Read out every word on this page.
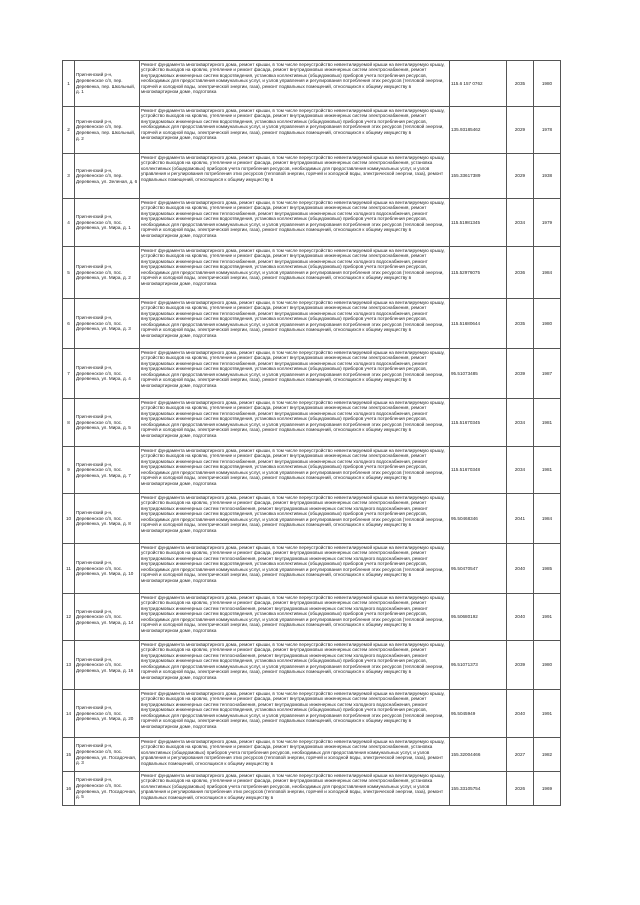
1	Пригненский р-н, Деревенское с/п, пер. Деревенка, пер. Школьный, д. 1	Ремонт фундамента многоквартирного дома, ремонт крыши, в том числе переустройство невентилируемой крыши на вентилируемую крышу, устройство выходов на кровлю, утепление и ремонт фасада, ремонт внутридомовых инженерных систем электроснабжения, ремонт внутридомовых инженерных систем водоотведения, установка коллективных (общедомовых) приборов учета потребления ресурсов, необходимых для предоставления коммунальных услуг, и узлов управления и регулирования потребления этих ресурсов (тепловой энергии, горячей и холодной воды, электрической энергии, газа), ремонт подвальных помещений, относящихся к общему имуществу в многоквартирном доме, подготовка	115.6 157 0762	2035	1980
2	Пригненский р-н, Деревенское с/п, пер. Деревенка, пер. Школьный, д. 2	Ремонт фундамента многоквартирного дома, ремонт крыши, в том числе переустройство невентилируемой крыши на вентилируемую крышу, устройство выходов на кровлю, утепление и ремонт фасада, ремонт внутридомовых инженерных систем электроснабжения, ремонт внутридомовых инженерных систем водоотведения, установка коллективных (общедомовых) приборов учета потребления ресурсов, необходимых для предоставления коммунальных услуг, и узлов управления и регулирования потребления этих ресурсов (тепловой энергии, горячей и холодной воды, электрической энергии, газа), ремонт подвальных помещений, относящихся к общему имуществу в многоквартирном доме, подготовка	135.93185462	2029	1978
3	Пригненский р-н, Деревенское с/п, пер. Деревенка, ул. Зеленая, д. 6	Ремонт фундамента многоквартирного дома, ремонт крыши, в том числе переустройство невентилируемой крыши на вентилируемую крышу, устройство выходов на кровлю, утепление и ремонт фасада, ремонт внутридомовых инженерных систем электроснабжения, установка коллективных (общедомовых) приборов учета потребления ресурсов, необходимых для предоставления коммунальных услуг, и узлов управления и регулирования потребления этих ресурсов (тепловой энергии, горячей и холодной воды, электрической энергии, газа), ремонт подвальных помещений, относящихся к общему имуществу в	155.33617389	2029	1938
4	Пригненский р-н, Деревенское с/п, пос. Деревенка, ул. Мира, д. 1	Ремонт фундамента многоквартирного дома, ремонт крыши, в том числе переустройство невентилируемой крыши на вентилируемую крышу, устройство выходов на кровлю, утепление и ремонт фасада, ремонт внутридомовых инженерных систем электроснабжения, ремонт внутридомовых инженерных систем теплоснабжения, ремонт внутридомовых инженерных систем холодного водоснабжения, ремонт внутридомовых инженерных систем водоотведения, установка коллективных (общедомовых) приборов учета потребления ресурсов, необходимых для предоставления коммунальных услуг, и узлов управления и регулирования потребления этих ресурсов (тепловой энергии, горячей и холодной воды, электрической энергии, газа), ремонт подвальных помещений, относящихся к общему имуществу в многоквартирном доме, подготовка	115.51981345	2034	1979
5	Пригненский р-н, Деревенское с/п, пос. Деревенка, ул. Мира, д. 2	Ремонт фундамента многоквартирного дома, ремонт крыши, в том числе переустройство невентилируемой крыши на вентилируемую крышу, устройство выходов на кровлю, утепление и ремонт фасада, ремонт внутридомовых инженерных систем электроснабжения, ремонт внутридомовых инженерных систем теплоснабжения, ремонт внутридомовых инженерных систем холодного водоснабжения, ремонт внутридомовых инженерных систем водоотведения, установка коллективных (общедомовых) приборов учета потребления ресурсов, необходимых для предоставления коммунальных услуг, и узлов управления и регулирования потребления этих ресурсов (тепловой энергии, горячей и холодной воды, электрической энергии, газа), ремонт подвальных помещений, относящихся к общему имуществу в многоквартирном доме, подготовка	115.52976075	2036	1984
6	Пригненский р-н, Деревенское с/п, пос. Деревенка, ул. Мира, д. 3	Ремонт фундамента многоквартирного дома, ремонт крыши, в том числе переустройство невентилируемой крыши на вентилируемую крышу, устройство выходов на кровлю, утепление и ремонт фасада, ремонт внутридомовых инженерных систем электроснабжения, ремонт внутридомовых инженерных систем теплоснабжения, ремонт внутридомовых инженерных систем холодного водоснабжения, ремонт внутридомовых инженерных систем водоотведения, установка коллективных (общедомовых) приборов учета потребления ресурсов, необходимых для предоставления коммунальных услуг, и узлов управления и регулирования потребления этих ресурсов (тепловой энергии, горячей и холодной воды, электрической энергии, газа), ремонт подвальных помещений, относящихся к общему имуществу в многоквартирном доме, подготовка	115.51680644	2035	1980
7	Пригненский р-н, Деревенское с/п, пос. Деревенка, ул. Мира, д. 4	Ремонт фундамента многоквартирного дома, ремонт крыши, в том числе переустройство невентилируемой крыши на вентилируемую крышу, устройство выходов на кровлю, утепление и ремонт фасада, ремонт внутридомовых инженерных систем электроснабжения, ремонт внутридомовых инженерных систем теплоснабжения, ремонт внутридомовых инженерных систем холодного водоснабжения, ремонт внутридомовых инженерных систем водоотведения, установка коллективных (общедомовых) приборов учета потребления ресурсов, необходимых для предоставления коммунальных услуг, и узлов управления и регулирования потребления этих ресурсов (тепловой энергии, горячей и холодной воды, электрической энергии, газа), ремонт подвальных помещений, относящихся к общему имуществу в многоквартирном доме, подготовка	95.51073485	2039	1987
8	Пригненский р-н, Деревенское с/п, пос. Деревенка, ул. Мира, д. 5	Ремонт фундамента многоквартирного дома, ремонт крыши, в том числе переустройство невентилируемой крыши на вентилируемую крышу, устройство выходов на кровлю, утепление и ремонт фасада, ремонт внутридомовых инженерных систем электроснабжения, ремонт внутридомовых инженерных систем теплоснабжения, ремонт внутридомовых инженерных систем холодного водоснабжения, ремонт внутридомовых инженерных систем водоотведения, установка коллективных (общедомовых) приборов учета потребления ресурсов, необходимых для предоставления коммунальных услуг, и узлов управления и регулирования потребления этих ресурсов (тепловой энергии, горячей и холодной воды, электрической энергии, газа), ремонт подвальных помещений, относящихся к общему имуществу в многоквартирном доме, подготовка	115.51670345	2034	1981
9	Пригненский р-н, Деревенское с/п, пос. Деревенка, ул. Мира, д. 7	Ремонт фундамента многоквартирного дома, ремонт крыши, в том числе переустройство невентилируемой крыши на вентилируемую крышу, устройство выходов на кровлю, утепление и ремонт фасада, ремонт внутридомовых инженерных систем электроснабжения, ремонт внутридомовых инженерных систем теплоснабжения, ремонт внутридомовых инженерных систем холодного водоснабжения, ремонт внутридомовых инженерных систем водоотведения, установка коллективных (общедомовых) приборов учета потребления ресурсов, необходимых для предоставления коммунальных услуг, и узлов управления и регулирования потребления этих ресурсов (тепловой энергии, горячей и холодной воды, электрической энергии, газа), ремонт подвальных помещений, относящихся к общему имуществу в многоквартирном доме, подготовка	115.51670348	2034	1981
10	Пригненский р-н, Деревенское с/п, пос. Деревенка, ул. Мира, д. 8	Ремонт фундамента многоквартирного дома, ремонт крыши, в том числе переустройство невентилируемой крыши на вентилируемую крышу, устройство выходов на кровлю, утепление и ремонт фасада, ремонт внутридомовых инженерных систем электроснабжения, ремонт внутридомовых инженерных систем теплоснабжения, ремонт внутридомовых инженерных систем холодного водоснабжения, ремонт внутридомовых инженерных систем водоотведения, установка коллективных (общедомовых) приборов учета потребления ресурсов, необходимых для предоставления коммунальных услуг, и узлов управления и регулирования потребления этих ресурсов (тепловой энергии, горячей и холодной воды, электрической энергии, газа), ремонт подвальных помещений, относящихся к общему имуществу в многоквартирном доме, подготовка	95.50468346	2041	1984
11	Пригненский р-н, Деревенское с/п, пос. Деревенка, ул. Мира, д. 10	Ремонт фундамента многоквартирного дома, ремонт крыши, в том числе переустройство невентилируемой крыши на вентилируемую крышу, устройство выходов на кровлю, утепление и ремонт фасада, ремонт внутридомовых инженерных систем электроснабжения, ремонт внутридомовых инженерных систем теплоснабжения, ремонт внутридомовых инженерных систем холодного водоснабжения, ремонт внутридомовых инженерных систем водоотведения, установка коллективных (общедомовых) приборов учета потребления ресурсов, необходимых для предоставления коммунальных услуг, и узлов управления и регулирования потребления этих ресурсов (тепловой энергии, горячей и холодной воды, электрической энергии, газа), ремонт подвальных помещений, относящихся к общему имуществу в многоквартирном доме, подготовка	95.50470547	2040	1985
12	Пригненский р-н, Деревенское с/п, пос. Деревенка, ул. Мира, д. 14	Ремонт фундамента многоквартирного дома, ремонт крыши, в том числе переустройство невентилируемой крыши на вентилируемую крышу, устройство выходов на кровлю, утепление и ремонт фасада, ремонт внутридомовых инженерных систем электроснабжения, ремонт внутридомовых инженерных систем теплоснабжения, ремонт внутридомовых инженерных систем холодного водоснабжения, ремонт внутридомовых инженерных систем водоотведения, установка коллективных (общедомовых) приборов учета потребления ресурсов, необходимых для предоставления коммунальных услуг, и узлов управления и регулирования потребления этих ресурсов (тепловой энергии, горячей и холодной воды, электрической энергии, газа), ремонт подвальных помещений, относящихся к общему имуществу в многоквартирном доме, подготовка	95.50680192	2040	1991
13	Пригненский р-н, Деревенское с/п, пос. Деревенка, ул. Мира, д. 16	Ремонт фундамента многоквартирного дома, ремонт крыши, в том числе переустройство невентилируемой крыши на вентилируемую крышу, устройство выходов на кровлю, утепление и ремонт фасада, ремонт внутридомовых инженерных систем электроснабжения, ремонт внутридомовых инженерных систем теплоснабжения, ремонт внутридомовых инженерных систем холодного водоснабжения, ремонт внутридомовых инженерных систем водоотведения, установка коллективных (общедомовых) приборов учета потребления ресурсов, необходимых для предоставления коммунальных услуг, и узлов управления и регулирования потребления этих ресурсов (тепловой энергии, горячей и холодной воды, электрической энергии, газа), ремонт подвальных помещений, относящихся к общему имуществу в многоквартирном доме, подготовка	95.51071373	2039	1980
14	Пригненский р-н, Деревенское с/п, пос. Деревенка, ул. Мира, д. 20	Ремонт фундамента многоквартирного дома, ремонт крыши, в том числе переустройство невентилируемой крыши на вентилируемую крышу, устройство выходов на кровлю, утепление и ремонт фасада, ремонт внутридомовых инженерных систем электроснабжения, ремонт внутридомовых инженерных систем теплоснабжения, ремонт внутридомовых инженерных систем холодного водоснабжения, ремонт внутридомовых инженерных систем водоотведения, установка коллективных (общедомовых) приборов учета потребления ресурсов, необходимых для предоставления коммунальных услуг, и узлов управления и регулирования потребления этих ресурсов (тепловой энергии, горячей и холодной воды, электрической энергии, газа), ремонт подвальных помещений, относящихся к общему имуществу в многоквартирном доме, подготовка	95.5045949	2040	1991
15	Пригненский р-н, Деревенское с/п, пос. Деревенка, ул. Посадочная, д. 3	Ремонт фундамента многоквартирного дома, ремонт крыши, в том числе переустройство невентилируемой крыши на вентилируемую крышу, устройство выходов на кровлю, утепление и ремонт фасада, ремонт внутридомовых инженерных систем электроснабжения, установка коллективных (общедомовых) приборов учета потребления ресурсов, необходимых для предоставления коммунальных услуг, и узлов управления и регулирования потребления этих ресурсов (тепловой энергии, горячей и холодной воды, электрической энергии, газа), ремонт подвальных помещений, относящихся к общему имуществу в	155.32004466	2027	1982
16	Пригненский р-н, Деревенское с/п, пос. Деревенка, ул. Посадочная, д. 5	Ремонт фундамента многоквартирного дома, ремонт крыши, в том числе переустройство невентилируемой крыши на вентилируемую крышу, устройство выходов на кровлю, утепление и ремонт фасада, ремонт внутридомовых инженерных систем электроснабжения, установка коллективных (общедомовых) приборов учета потребления ресурсов, необходимых для предоставления коммунальных услуг, и узлов управления и регулирования потребления этих ресурсов (тепловой энергии, горячей и холодной воды, электрической энергии, газа), ремонт подвальных помещений, относящихся к общему имуществу в	155.33105754	2026	1969
